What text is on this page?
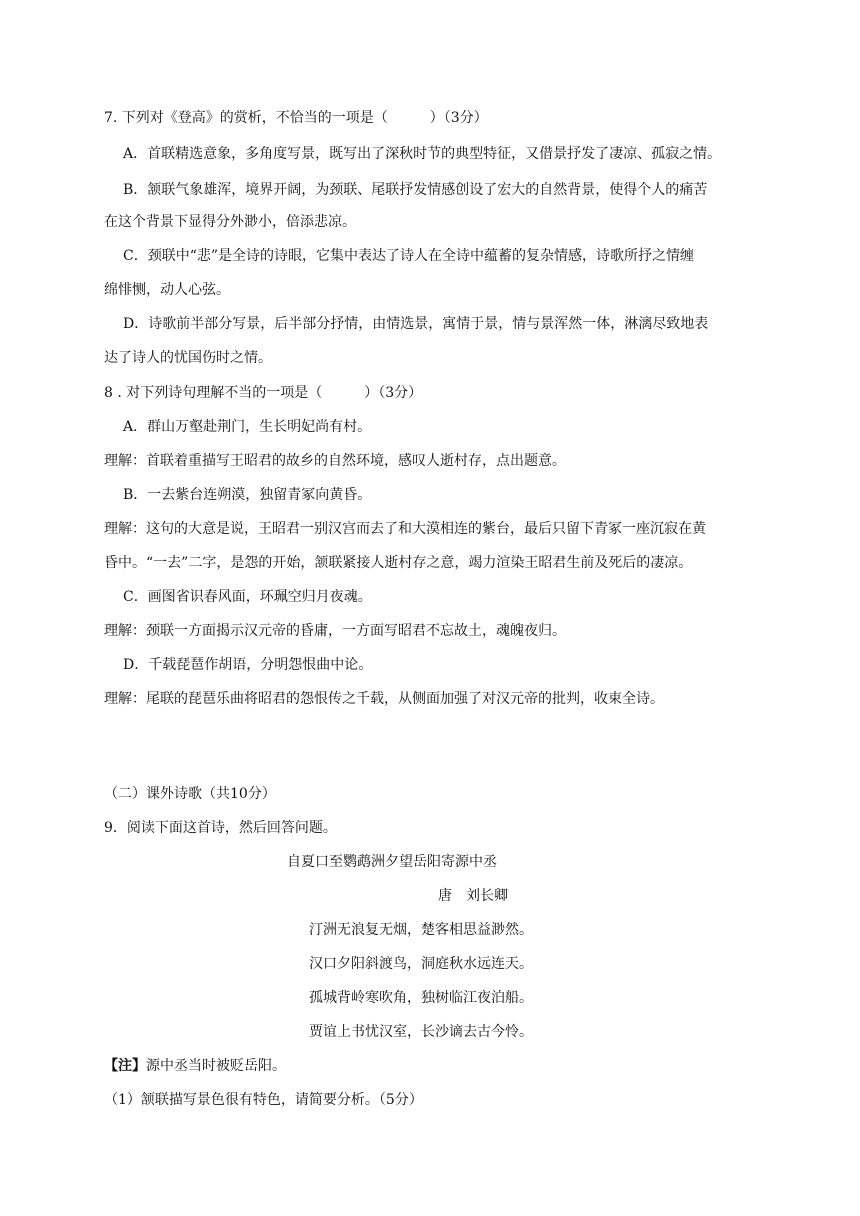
7. 下列对《登高》的赏析，不恰当的一项是（　　　）（3分）
A．首联精选意象，多角度写景，既写出了深秋时节的典型特征，又借景抒发了凄凉、孤寂之情。
B．颔联气象雄浑，境界开阔，为颈联、尾联抒发情感创设了宏大的自然背景，使得个人的痛苦
在这个背景下显得分外渺小，倍添悲凉。
C．颈联中“悲”是全诗的诗眼，它集中表达了诗人在全诗中蕴蓄的复杂情感，诗歌所抒之情缠
绵悱恻，动人心弦。
D．诗歌前半部分写景，后半部分抒情，由情选景，寓情于景，情与景浑然一体，淋漓尽致地表
达了诗人的忧国伤时之情。
8 . 对下列诗句理解不当的一项是（　　　）（3分）
A．群山万壑赴荆门，生长明妃尚有村。
理解：首联着重描写王昭君的故乡的自然环境，感叹人逝村存，点出题意。
B．一去紫台连朔漠，独留青冢向黄昏。
理解：这句的大意是说，王昭君一别汉宫而去了和大漠相连的紫台，最后只留下青冢一座沉寂在黄
昏中。“一去”二字，是怨的开始，颔联紧接人逝村存之意，竭力渲染王昭君生前及死后的凄凉。
C．画图省识春风面，环珮空归月夜魂。
理解：颈联一方面揭示汉元帝的昏庸，一方面写昭君不忘故土，魂魄夜归。
D．千载琵琶作胡语，分明怨恨曲中论。
理解：尾联的琵琶乐曲将昭君的怨恨传之千载，从侧面加强了对汉元帝的批判，收束全诗。
（二）课外诗歌（共10分）
9．阅读下面这首诗，然后回答问题。
自夏口至鹦鹉洲夕望岳阳寄源中丞
唐　刘长卿
汀洲无浪复无烟，楚客相思益渺然。
汉口夕阳斜渡鸟，洞庭秋水远连天。
孤城背岭寒吹角，独树临江夜泊船。
贾谊上书忧汉室，长沙谪去古今怜。
【注】源中丞当时被贬岳阳。
（1）颔联描写景色很有特色，请简要分析。（5分）
